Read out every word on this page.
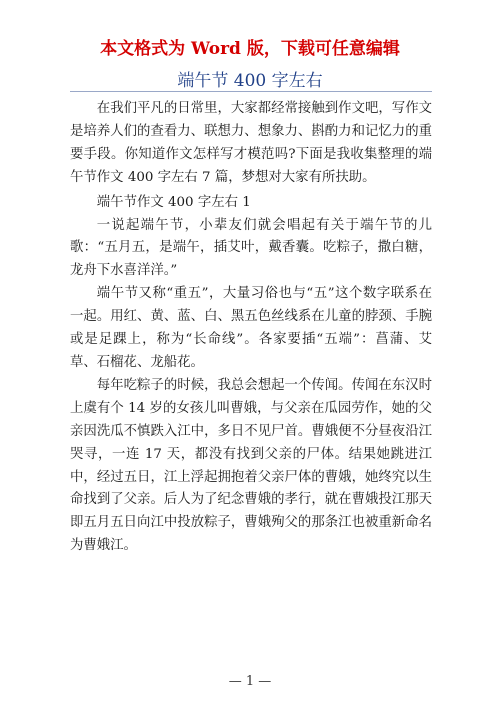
本文格式为 Word 版，下载可任意编辑
端午节 400 字左右

在我们平凡的日常里，大家都经常接触到作文吧，写作文是培养人们的查看力、联想力、想象力、斟酌力和记忆力的重要手段。你知道作文怎样写才模范吗?下面是我收集整理的端午节作文 400 字左右 7 篇，梦想对大家有所扶助。

端午节作文 400 字左右 1

一说起端午节，小辈友们就会唱起有关于端午节的儿歌：“五月五，是端午，插艾叶，戴香囊。吃粽子，撒白糖，龙舟下水喜洋洋。”

端午节又称“重五”，大量习俗也与“五”这个数字联系在一起。用红、黄、蓝、白、黑五色丝线系在儿童的脖颈、手腕或是足踝上，称为“长命线”。各家要插“五端”：菖蒲、艾草、石榴花、龙船花。

每年吃粽子的时候，我总会想起一个传闻。传闻在东汉时上虞有个 14 岁的女孩儿叫曹娥，与父亲在瓜园劳作，她的父亲因洗瓜不慎跌入江中，多日不见尸首。曹娥便不分昼夜沿江哭寻，一连 17 天，都没有找到父亲的尸体。结果她跳进江中，经过五日，江上浮起拥抱着父亲尸体的曹娥，她终究以生命找到了父亲。后人为了纪念曹娥的孝行，就在曹娥投江那天即五月五日向江中投放粽子，曹娥殉父的那条江也被重新命名为曹娥江。

— 1 —
